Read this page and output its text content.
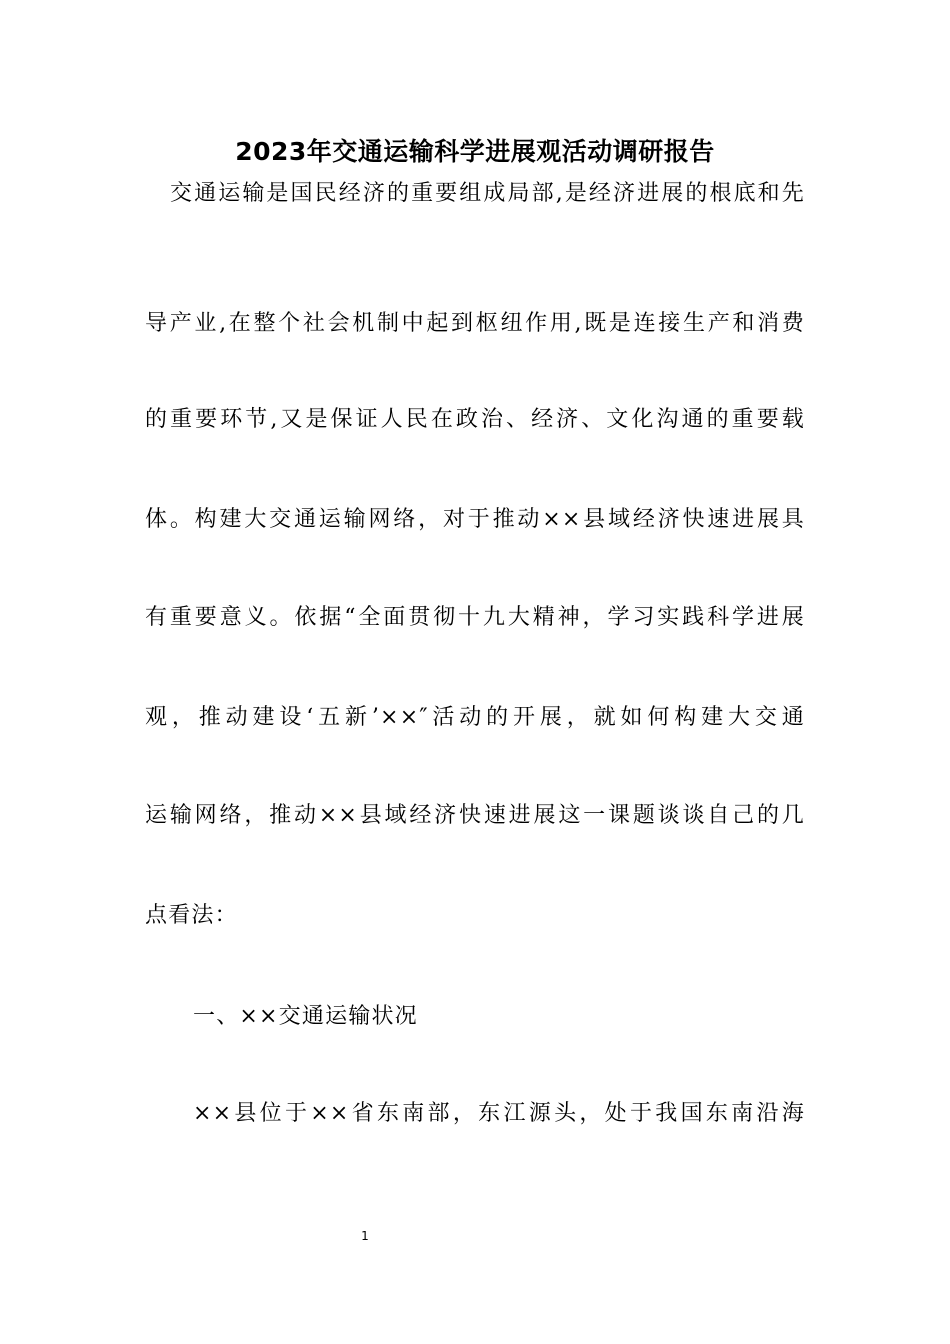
2023年交通运输科学进展观活动调研报告
交通运输是国民经济的重要组成局部,是经济进展的根底和先
导产业,在整个社会机制中起到枢纽作用,既是连接生产和消费
的重要环节,又是保证人民在政治、经济、文化沟通的重要载
体。构建大交通运输网络，对于推动××县域经济快速进展具
有重要意义。依据“全面贯彻十九大精神，学习实践科学进展
观，推动建设‘五新’××″活动的开展，就如何构建大交通
运输网络，推动××县域经济快速进展这一课题谈谈自己的几
点看法：
一、××交通运输状况
××县位于××省东南部，东江源头，处于我国东南沿海
1
